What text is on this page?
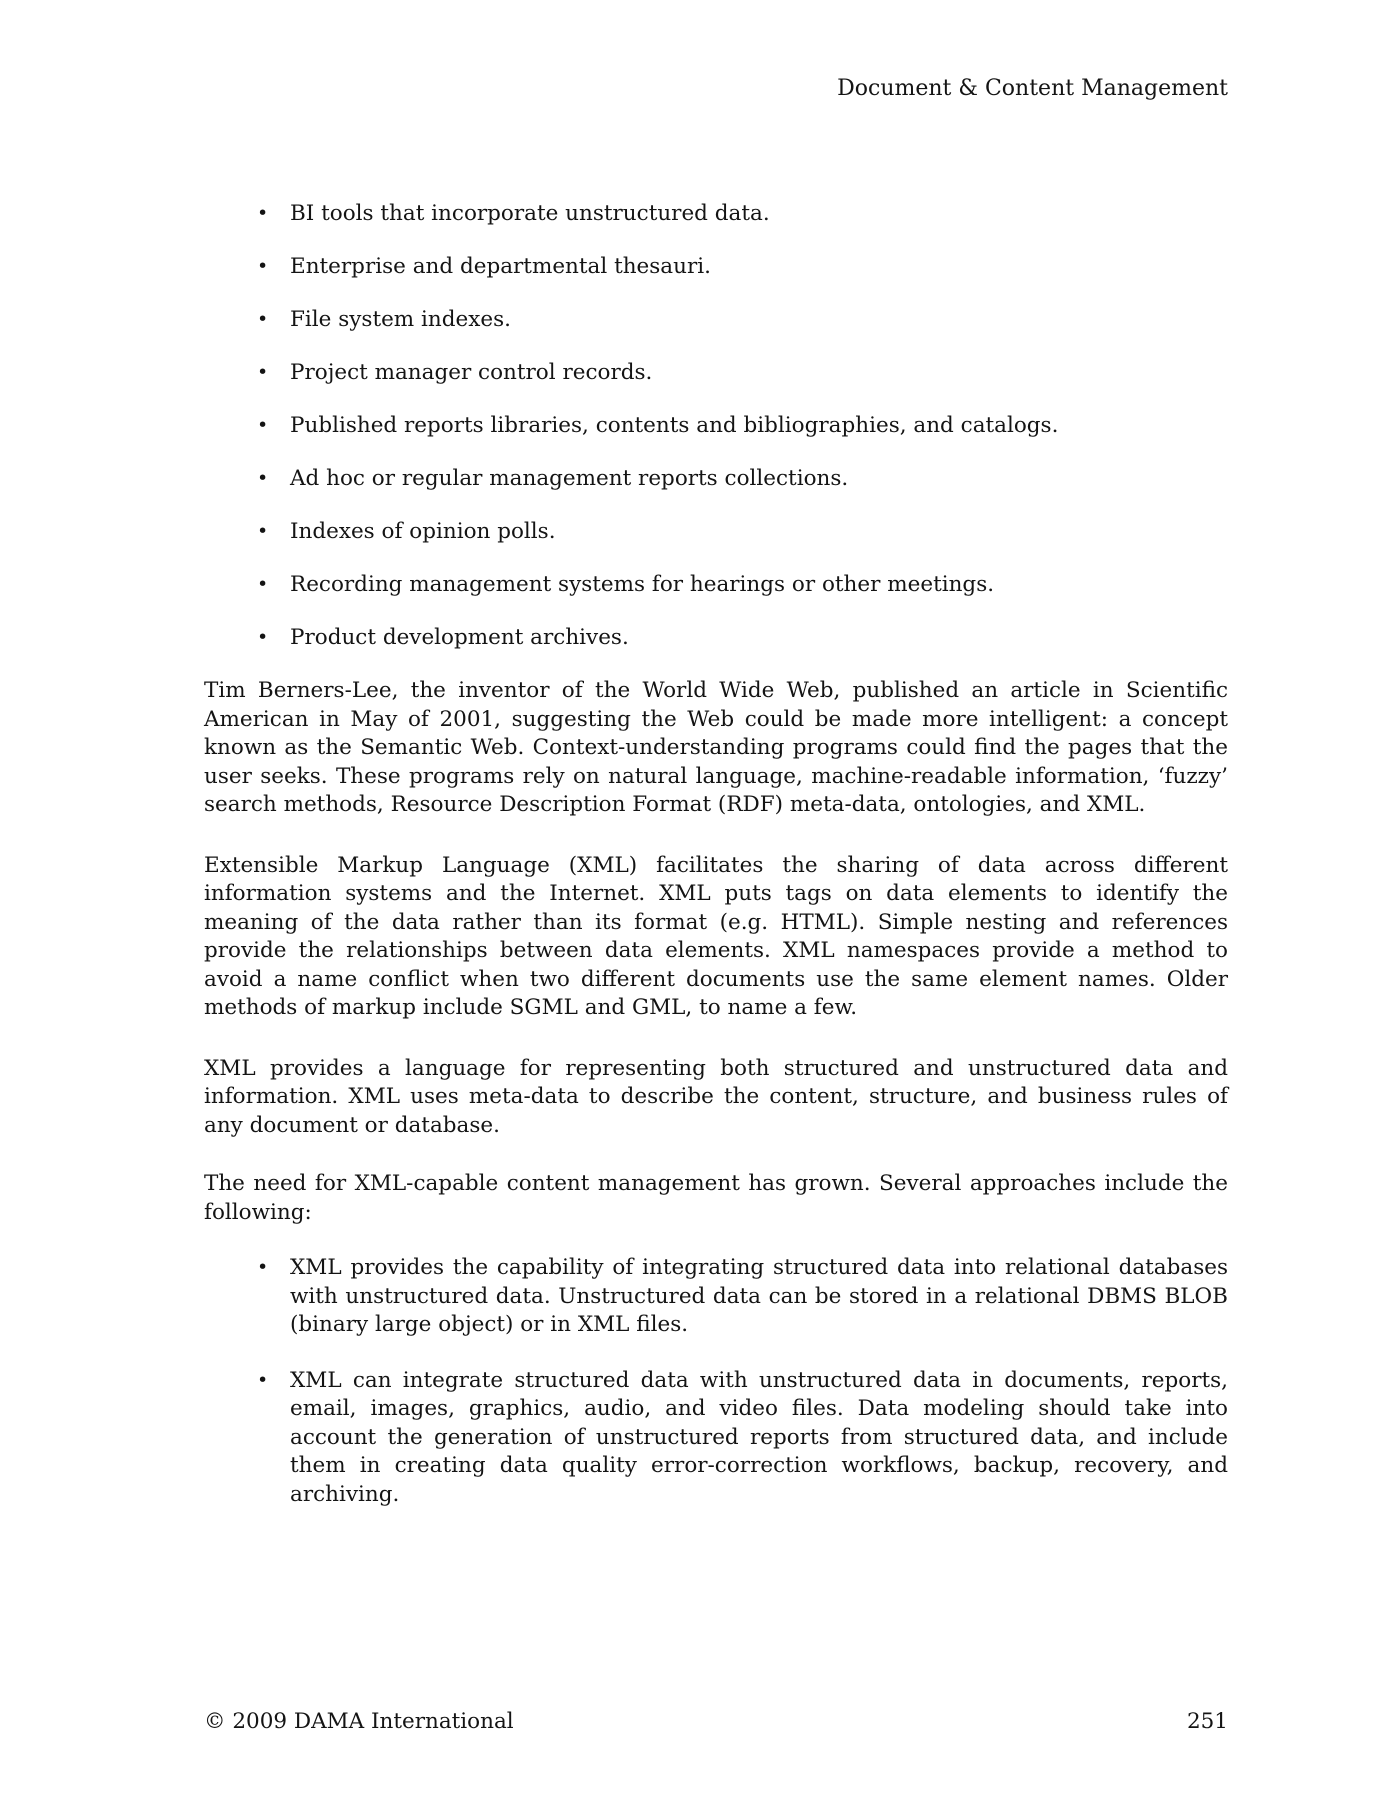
Document & Content Management
• BI tools that incorporate unstructured data.
• Enterprise and departmental thesauri.
• File system indexes.
• Project manager control records.
• Published reports libraries, contents and bibliographies, and catalogs.
• Ad hoc or regular management reports collections.
• Indexes of opinion polls.
• Recording management systems for hearings or other meetings.
• Product development archives.

Tim Berners-Lee, the inventor of the World Wide Web, published an article in Scientific American in May of 2001, suggesting the Web could be made more intelligent: a concept known as the Semantic Web. Context-understanding programs could find the pages that the user seeks. These programs rely on natural language, machine-readable information, ‘fuzzy’ search methods, Resource Description Format (RDF) meta-data, ontologies, and XML.

Extensible Markup Language (XML) facilitates the sharing of data across different information systems and the Internet. XML puts tags on data elements to identify the meaning of the data rather than its format (e.g. HTML). Simple nesting and references provide the relationships between data elements. XML namespaces provide a method to avoid a name conflict when two different documents use the same element names. Older methods of markup include SGML and GML, to name a few.

XML provides a language for representing both structured and unstructured data and information. XML uses meta-data to describe the content, structure, and business rules of any document or database.

The need for XML-capable content management has grown. Several approaches include the following:

• XML provides the capability of integrating structured data into relational databases with unstructured data. Unstructured data can be stored in a relational DBMS BLOB (binary large object) or in XML files.
• XML can integrate structured data with unstructured data in documents, reports, email, images, graphics, audio, and video files. Data modeling should take into account the generation of unstructured reports from structured data, and include them in creating data quality error-correction workflows, backup, recovery, and archiving.
© 2009 DAMA International	251
